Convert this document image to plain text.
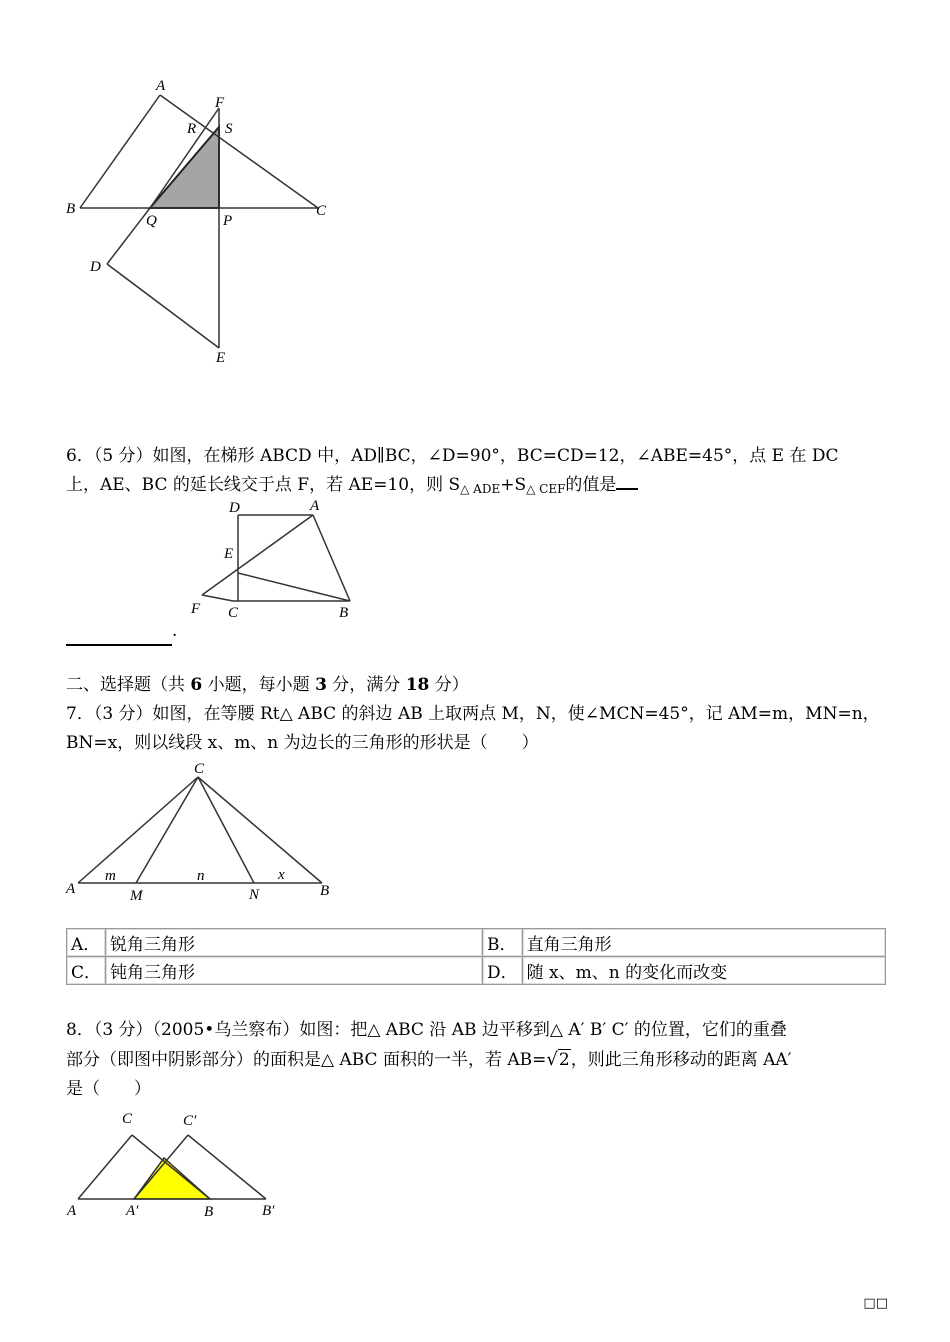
A
F
R S
B
Q	P
C
D
E
6．（5 分）如图，在梯形 ABCD 中，AD∥BC，∠D=90°，BC=CD=12，∠ABE=45°，点 E 在 DC
上，AE、BC 的延长线交于点 F，若 AE=10，则 $S_{\triangle ADE}+S_{\triangle CEF}$的值是
D	A
E
F C	B
.
二、选择题（共 6 小题，每小题 3 分，满分 18 分）
7．（3 分）如图，在等腰 Rt△ ABC 的斜边 AB 上取两点 M，N，使∠MCN=45°，记 AM=m，MN=n，
BN=x，则以线段 x、m、n 为边长的三角形的形状是（　　）
C
A	M	N	B
m	n	x
A．	锐角三角形	B．	直角三角形
C．	钝角三角形	D．	随 x、m、n 的变化而改变
8．（3 分）（2005•乌兰察布）如图：把△ ABC 沿 AB 边平移到△ A′ B′ C′ 的位置，它们的重叠
部分（即图中阴影部分）的面积是△ ABC 面积的一半，若 AB=√2，则此三角形移动的距离 AA′
是（　　）
C	C′
A	A′	B	B′
□□
